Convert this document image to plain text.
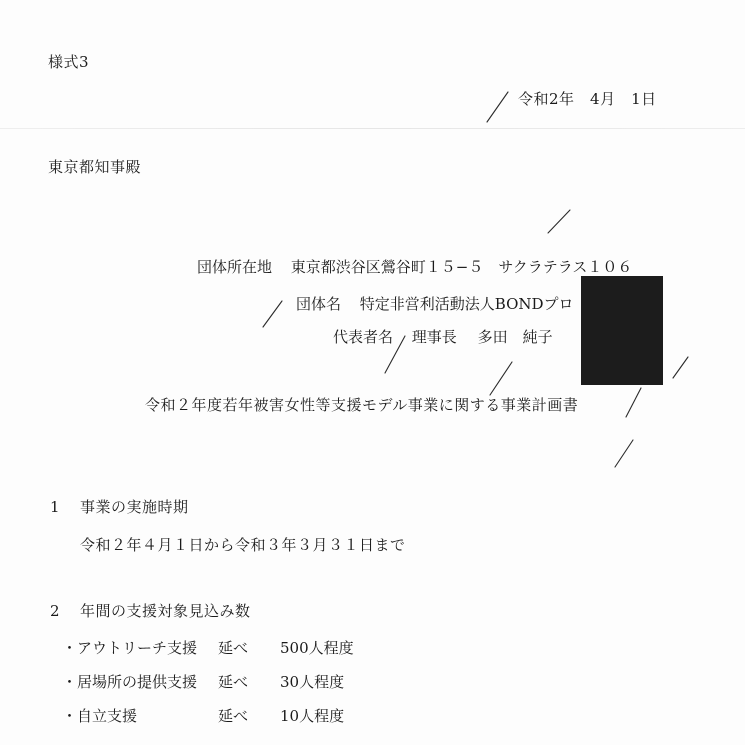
様式3
令和2年　4月　1日
東京都知事殿
団体所在地 東京都渋谷区鶯谷町１５−５　サクラテラス１０６
団体名 特定非営利活動法人BONDプロ
代表者名 理事長 多田　純子
令和２年度若年被害女性等支援モデル事業に関する事業計画書
1 事業の実施時期
令和２年４月１日から令和３年３月３１日まで
2 年間の支援対象見込み数
・アウトリーチ支援 延べ 500人程度
・居場所の提供支援 延べ 30人程度
・自立支援	延べ 10人程度
